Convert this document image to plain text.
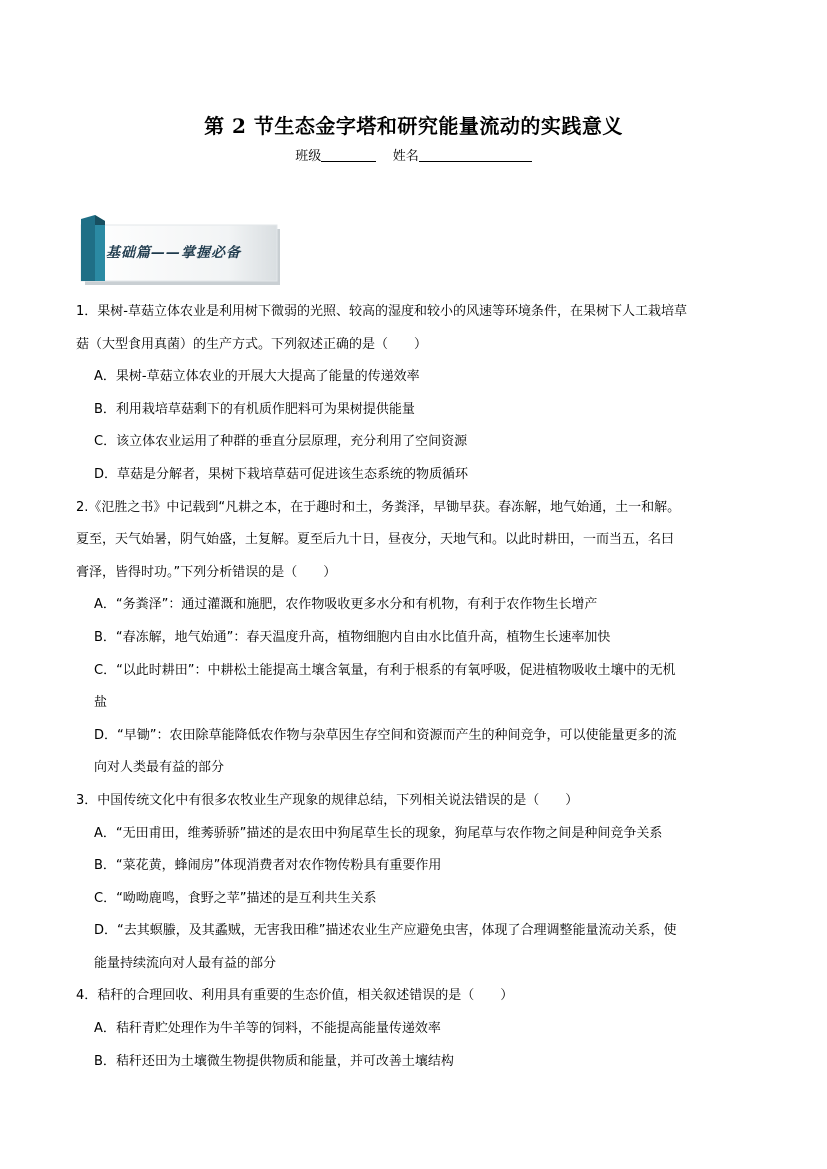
第 2 节生态金字塔和研究能量流动的实践意义
班级	姓名
基础篇——掌握必备
1．果树-草菇立体农业是利用树下微弱的光照、较高的湿度和较小的风速等环境条件，在果树下人工栽培草
菇（大型食用真菌）的生产方式。下列叙述正确的是（　　）
A．果树-草菇立体农业的开展大大提高了能量的传递效率
B．利用栽培草菇剩下的有机质作肥料可为果树提供能量
C．该立体农业运用了种群的垂直分层原理，充分利用了空间资源
D．草菇是分解者，果树下栽培草菇可促进该生态系统的物质循环
2.《氾胜之书》中记载到“凡耕之本，在于趣时和土，务粪泽，早锄早获。春冻解，地气始通，土一和解。
夏至，天气始暑，阴气始盛，土复解。夏至后九十日，昼夜分，天地气和。以此时耕田，一而当五，名曰
膏泽，皆得时功。”下列分析错误的是（　　）
A．“务粪泽”：通过灌溉和施肥，农作物吸收更多水分和有机物，有利于农作物生长增产
B．“春冻解，地气始通”：春天温度升高，植物细胞内自由水比值升高，植物生长速率加快
C．“以此时耕田”：中耕松土能提高土壤含氧量，有利于根系的有氧呼吸，促进植物吸收土壤中的无机
盐
D．“早锄”：农田除草能降低农作物与杂草因生存空间和资源而产生的种间竞争，可以使能量更多的流
向对人类最有益的部分
3．中国传统文化中有很多农牧业生产现象的规律总结，下列相关说法错误的是（　　）
A．“无田甫田，维莠骄骄”描述的是农田中狗尾草生长的现象，狗尾草与农作物之间是种间竞争关系
B．“菜花黄，蜂闹房”体现消费者对农作物传粉具有重要作用
C．“呦呦鹿鸣，食野之苹”描述的是互利共生关系
D．“去其螟螣，及其蟊贼，无害我田稚”描述农业生产应避免虫害，体现了合理调整能量流动关系，使
能量持续流向对人最有益的部分
4．秸秆的合理回收、利用具有重要的生态价值，相关叙述错误的是（　　）
A．秸秆青贮处理作为牛羊等的饲料，不能提高能量传递效率
B．秸秆还田为土壤微生物提供物质和能量，并可改善土壤结构
